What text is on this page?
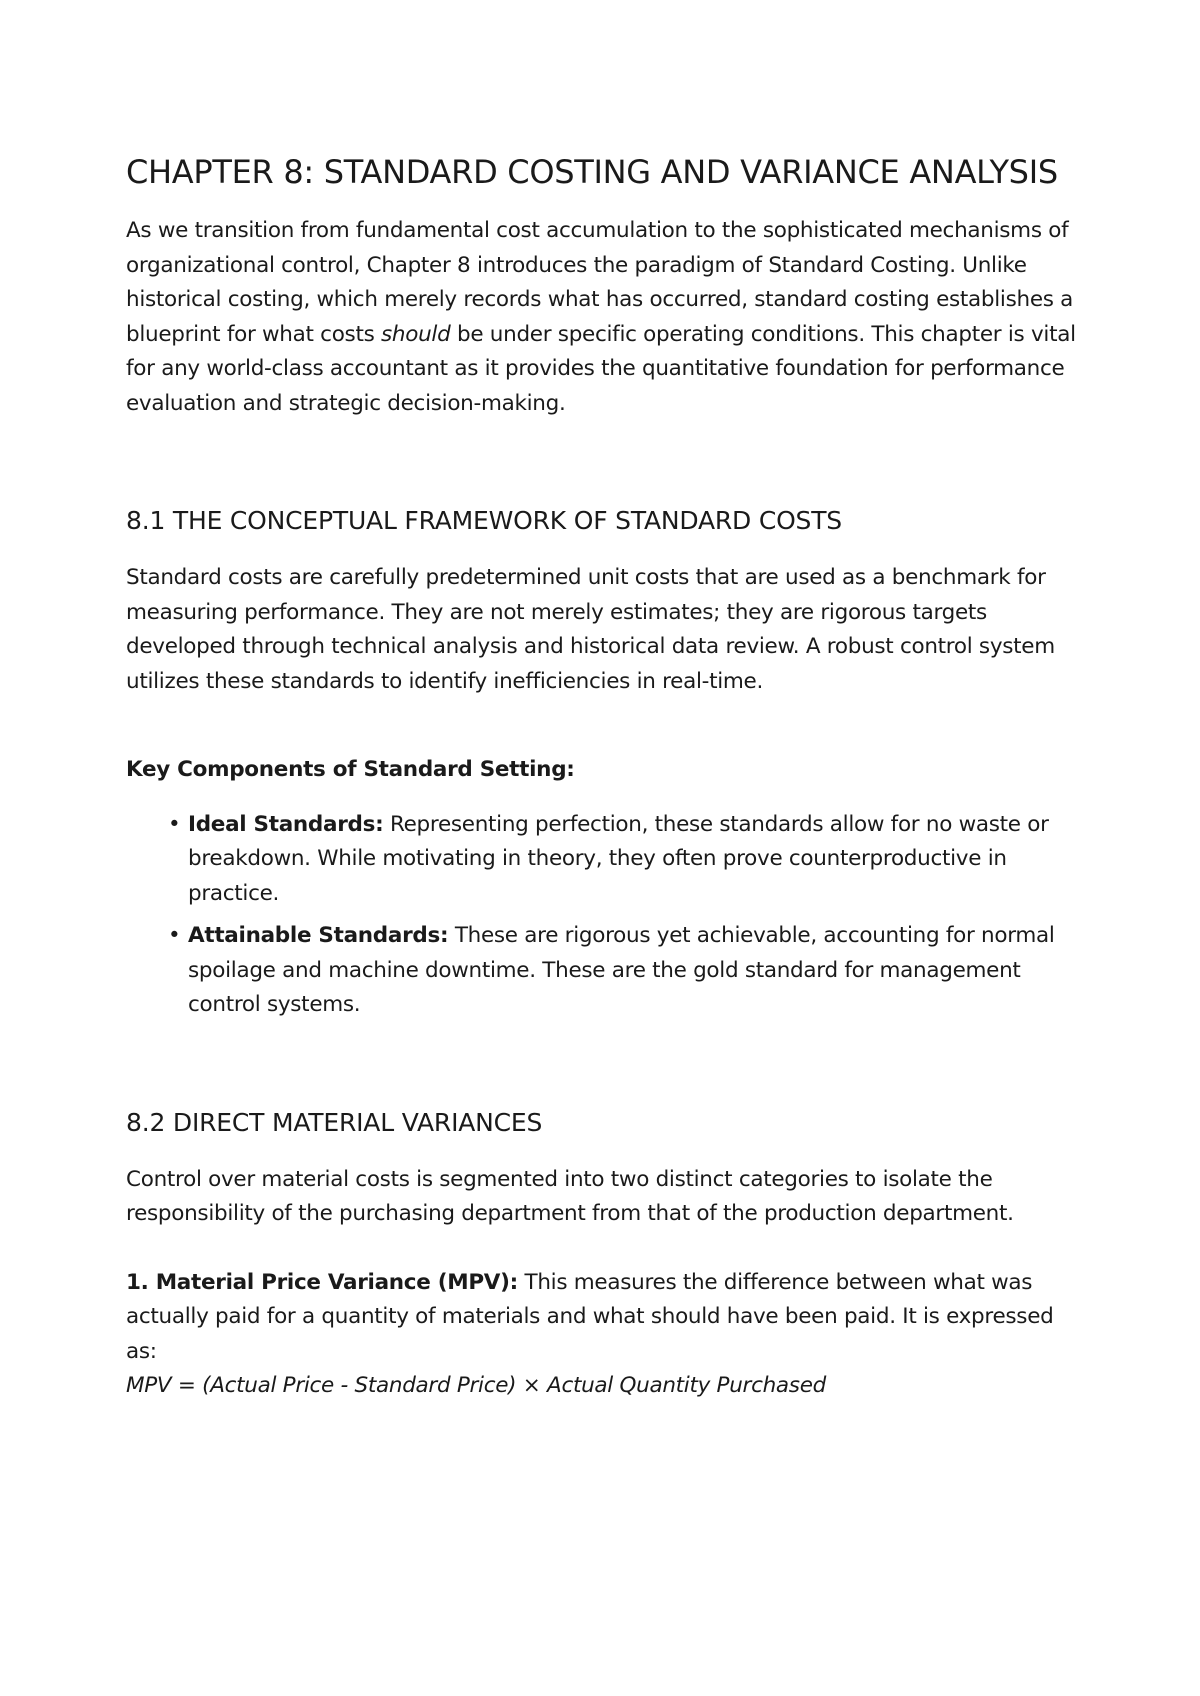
CHAPTER 8: STANDARD COSTING AND VARIANCE ANALYSIS

As we transition from fundamental cost accumulation to the sophisticated mechanisms of organizational control, Chapter 8 introduces the paradigm of Standard Costing. Unlike historical costing, which merely records what has occurred, standard costing establishes a blueprint for what costs should be under specific operating conditions. This chapter is vital for any world-class accountant as it provides the quantitative foundation for performance evaluation and strategic decision-making.

8.1 THE CONCEPTUAL FRAMEWORK OF STANDARD COSTS

Standard costs are carefully predetermined unit costs that are used as a benchmark for measuring performance. They are not merely estimates; they are rigorous targets developed through technical analysis and historical data review. A robust control system utilizes these standards to identify inefficiencies in real-time.

Key Components of Standard Setting:
• Ideal Standards: Representing perfection, these standards allow for no waste or breakdown. While motivating in theory, they often prove counterproductive in practice.
• Attainable Standards: These are rigorous yet achievable, accounting for normal spoilage and machine downtime. These are the gold standard for management control systems.
8.2 DIRECT MATERIAL VARIANCES

Control over material costs is segmented into two distinct categories to isolate the responsibility of the purchasing department from that of the production department.

1. Material Price Variance (MPV): This measures the difference between what was actually paid for a quantity of materials and what should have been paid. It is expressed as:

MPV = (Actual Price - Standard Price) × Actual Quantity Purchased
